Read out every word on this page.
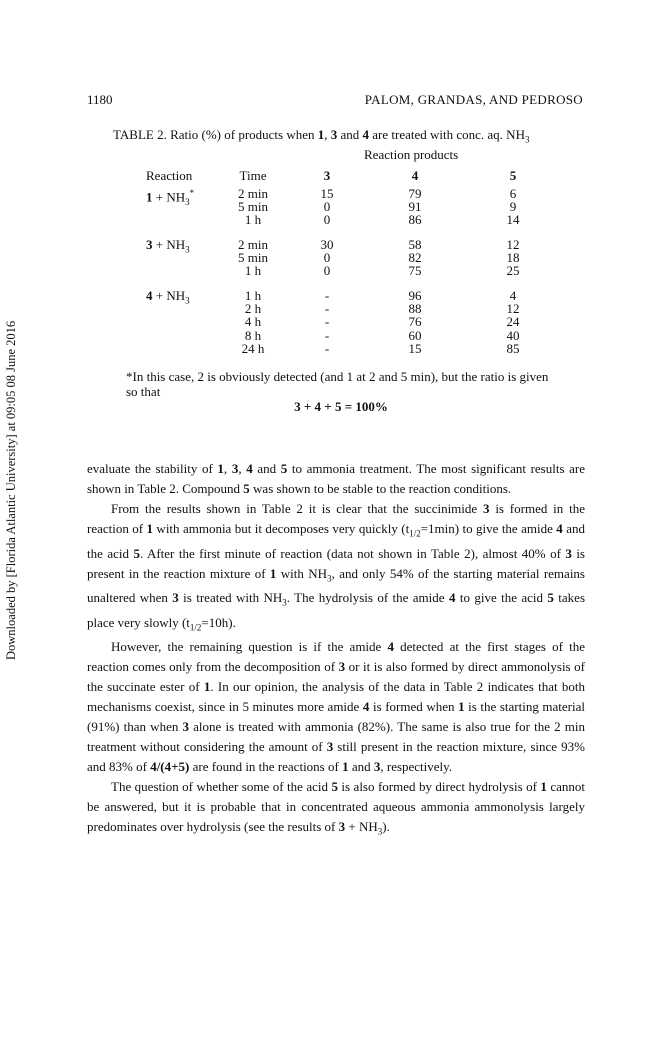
Downloaded by [Florida Atlantic University] at 09:05 08 June 2016
1180	PALOM, GRANDAS, AND PEDROSO
TABLE 2. Ratio (%) of products when 1, 3 and 4 are treated with conc. aq. $NH_3$
Reaction products
Reaction	Time	3	4	5
$1 + NH_3^*$	2 min	15	79	6
5 min	0	91	9
1 h	0	86	14
$3 + NH_3$	2 min	30	58	12
5 min	0	82	18
1 h	0	75	25
$4 + NH_3$	1 h	-	96	4
2 h	-	88	12
4 h	-	76	24
8 h	-	60	40
24 h	-	15	85
*In this case, 2 is obviously detected (and 1 at 2 and 5 min), but the ratio is given so that
3 + 4 + 5 = 100%

evaluate the stability of 1, 3, 4 and 5 to ammonia treatment. The most significant results are shown in Table 2. Compound 5 was shown to be stable to the reaction conditions.

From the results shown in Table 2 it is clear that the succinimide 3 is formed in the reaction of 1 with ammonia but it decomposes very quickly $(t_{1/2}=1\min)$ to give the amide 4 and the acid 5. After the first minute of reaction (data not shown in Table 2), almost 40% of 3 is present in the reaction mixture of 1 with $NH_3$, and only 54% of the starting material remains unaltered when 3 is treated with $NH_3$. The hydrolysis of the amide 4 to give the acid 5 takes place very slowly $(t_{1/2}=10h)$.

However, the remaining question is if the amide 4 detected at the first stages of the reaction comes only from the decomposition of 3 or it is also formed by direct ammonolysis of the succinate ester of 1. In our opinion, the analysis of the data in Table 2 indicates that both mechanisms coexist, since in 5 minutes more amide 4 is formed when 1 is the starting material (91%) than when 3 alone is treated with ammonia (82%). The same is also true for the 2 min treatment without considering the amount of 3 still present in the reaction mixture, since 93% and 83% of 4/(4+5) are found in the reactions of 1 and 3, respectively.

The question of whether some of the acid 5 is also formed by direct hydrolysis of 1 cannot be answered, but it is probable that in concentrated aqueous ammonia ammonolysis largely predominates over hydrolysis (see the results of $3 + NH_3$).
